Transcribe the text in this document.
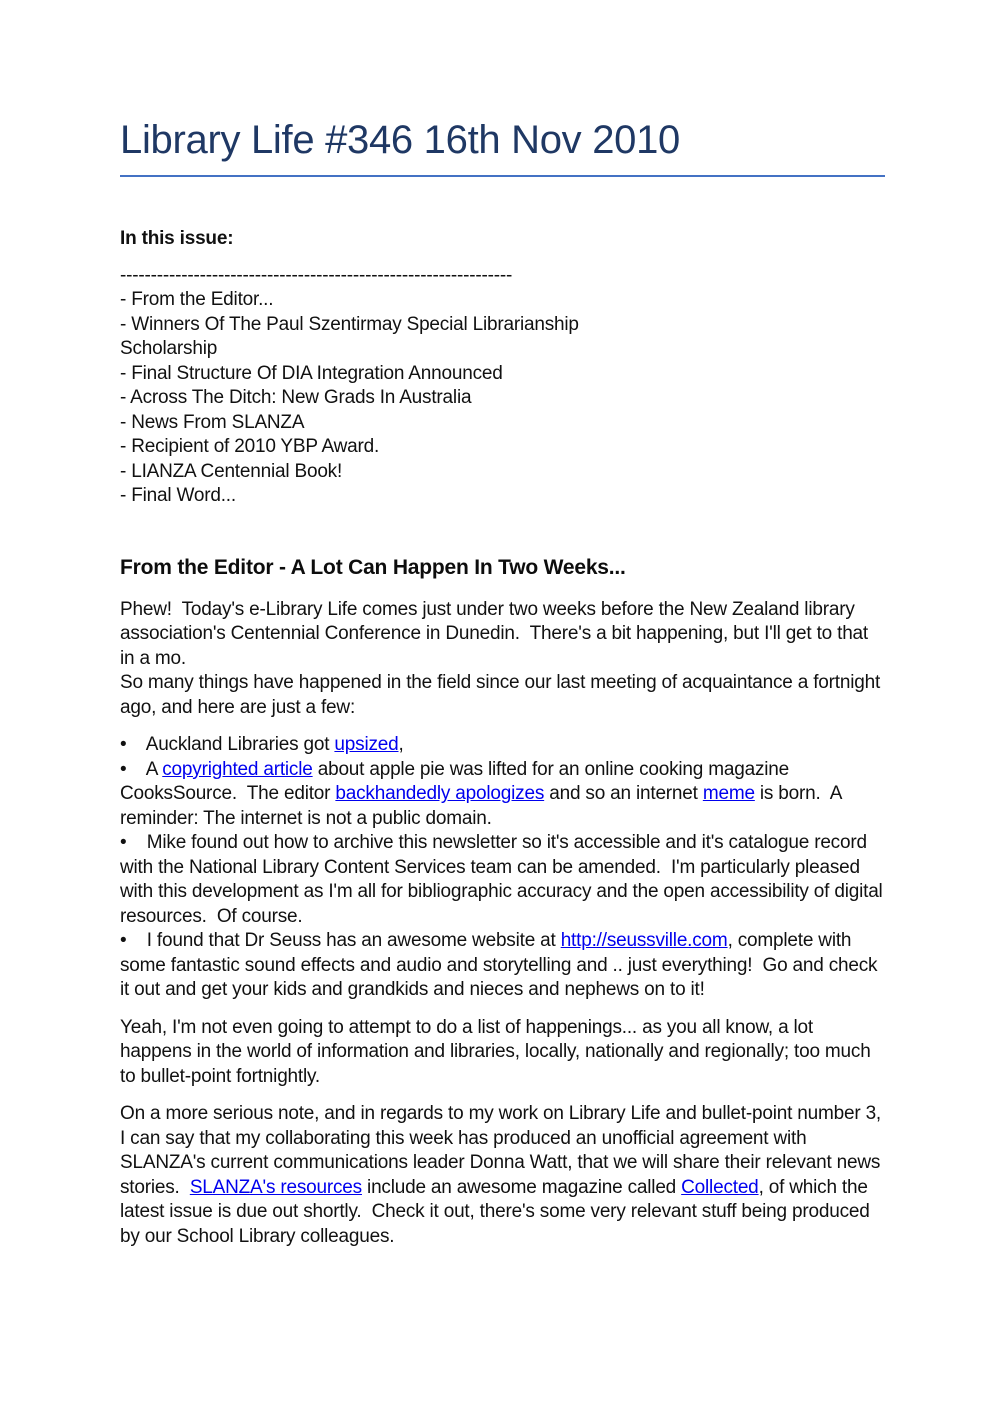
Library Life #346 16th Nov 2010
In this issue:
----------------------------------------------------------------
- From the Editor...
- Winners Of The Paul Szentirmay Special Librarianship
Scholarship
- Final Structure Of DIA Integration Announced
- Across The Ditch: New Grads In Australia
- News From SLANZA
- Recipient of 2010 YBP Award.
- LIANZA Centennial Book!
- Final Word...
From the Editor - A Lot Can Happen In Two Weeks...
Phew!  Today's e-Library Life comes just under two weeks before the New Zealand library association's Centennial Conference in Dunedin.  There's a bit happening, but I'll get to that in a mo.
So many things have happened in the field since our last meeting of acquaintance a fortnight ago, and here are just a few:
•    Auckland Libraries got upsized,
•    A copyrighted article about apple pie was lifted for an online cooking magazine CooksSource.  The editor backhandedly apologizes and so an internet meme is born.  A reminder: The internet is not a public domain.
•    Mike found out how to archive this newsletter so it's accessible and it's catalogue record with the National Library Content Services team can be amended.  I'm particularly pleased with this development as I'm all for bibliographic accuracy and the open accessibility of digital resources.  Of course.
•    I found that Dr Seuss has an awesome website at http://seussville.com, complete with some fantastic sound effects and audio and storytelling and .. just everything!  Go and check it out and get your kids and grandkids and nieces and nephews on to it!
Yeah, I'm not even going to attempt to do a list of happenings... as you all know, a lot happens in the world of information and libraries, locally, nationally and regionally; too much to bullet-point fortnightly.
On a more serious note, and in regards to my work on Library Life and bullet-point number 3, I can say that my collaborating this week has produced an unofficial agreement with SLANZA's current communications leader Donna Watt, that we will share their relevant news stories.  SLANZA's resources include an awesome magazine called Collected, of which the latest issue is due out shortly.  Check it out, there's some very relevant stuff being produced by our School Library colleagues.
